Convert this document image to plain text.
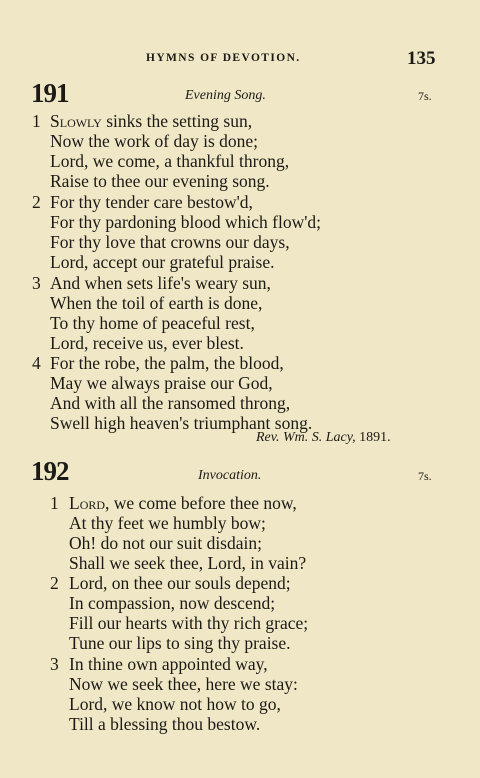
HYMNS OF DEVOTION.	135
191	Evening Song.	7s.
1 Slowly sinks the setting sun,
Now the work of day is done;
Lord, we come, a thankful throng,
Raise to thee our evening song.
2 For thy tender care bestow'd,
For thy pardoning blood which flow'd;
For thy love that crowns our days,
Lord, accept our grateful praise.
3 And when sets life's weary sun,
When the toil of earth is done,
To thy home of peaceful rest,
Lord, receive us, ever blest.
4 For the robe, the palm, the blood,
May we always praise our God,
And with all the ransomed throng,
Swell high heaven's triumphant song.
Rev. Wm. S. Lacy, 1891.
192	Invocation.	7s.
1 Lord, we come before thee now,
At thy feet we humbly bow;
Oh! do not our suit disdain;
Shall we seek thee, Lord, in vain?
2 Lord, on thee our souls depend;
In compassion, now descend;
Fill our hearts with thy rich grace;
Tune our lips to sing thy praise.
3 In thine own appointed way,
Now we seek thee, here we stay:
Lord, we know not how to go,
Till a blessing thou bestow.
